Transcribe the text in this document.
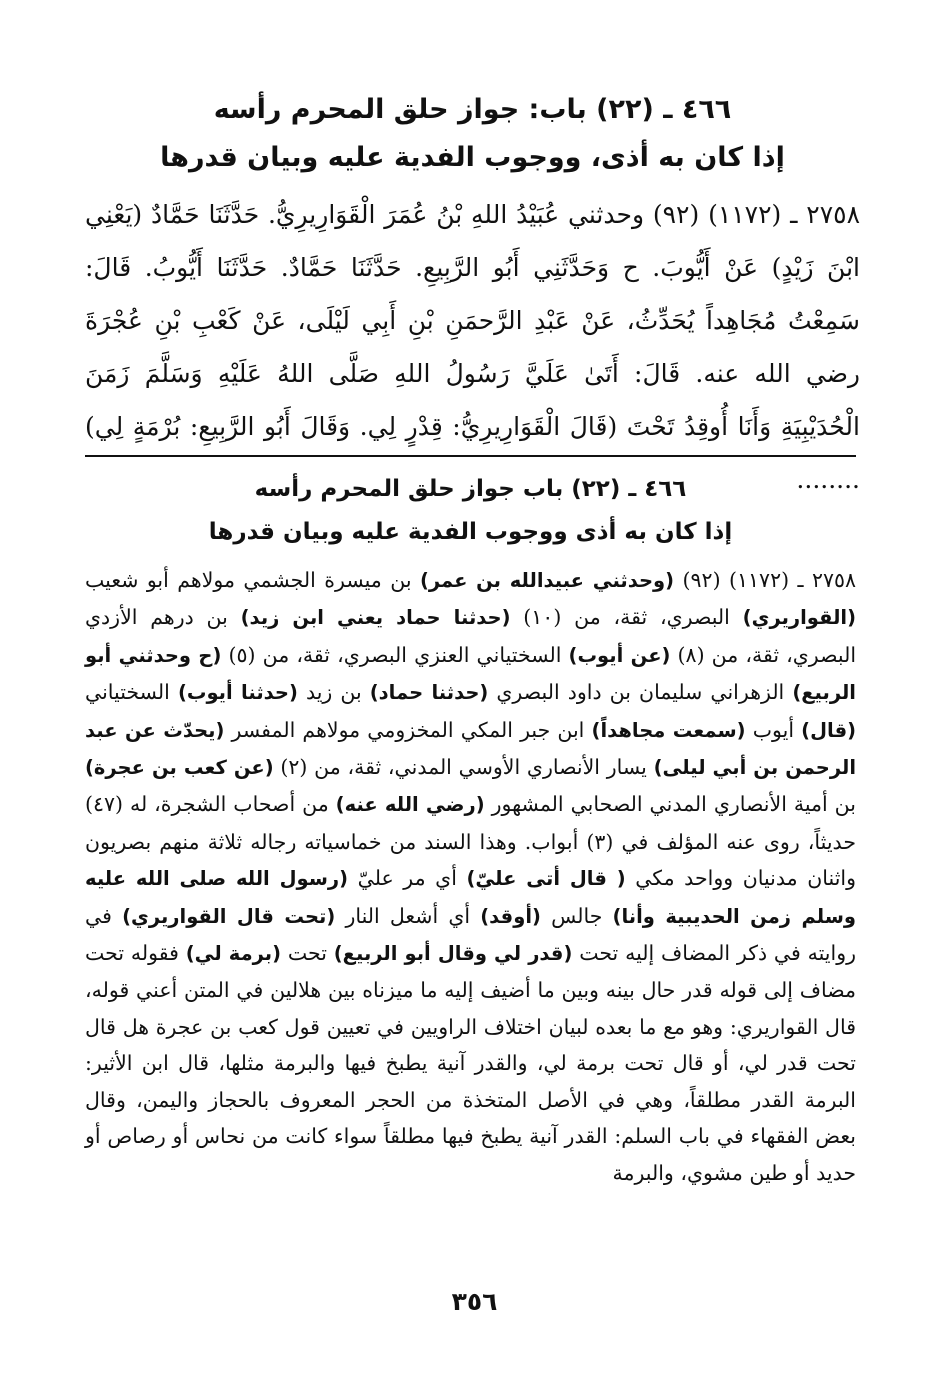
٤٦٦ ـ (٢٢) باب: جواز حلق المحرم رأسه

إذا كان به أذى، ووجوب الفدية عليه وبيان قدرها

٢٧٥٨ ـ (١١٧٢) (٩٢) وحدثني عُبَيْدُ اللهِ بْنُ عُمَرَ الْقَوَارِيرِيُّ. حَدَّثَنَا حَمَّادٌ (يَعْنِي ابْنَ زَيْدٍ) عَنْ أَيُّوبَ. ح وَحَدَّثَنِي أَبُو الرَّبِيعِ. حَدَّثَنَا حَمَّادٌ. حَدَّثَنَا أَيُّوبُ. قَالَ: سَمِعْتُ مُجَاهِداً يُحَدِّثُ، عَنْ عَبْدِ الرَّحمَنِ بْنِ أَبِي لَيْلَى، عَنْ كَعْبِ بْنِ عُجْرَةَ رضي الله عنه. قَالَ: أَتَىٰ عَلَيَّ رَسُولُ اللهِ صَلَّى اللهُ عَلَيْهِ وَسَلَّمَ زَمَنَ الْحُدَيْبِيَةِ وَأَنَا أُوقِدُ تَحْتَ (قَالَ الْقَوَارِيرِيُّ: قِدْرٍ لِي. وَقَالَ أَبُو الرَّبِيعِ: بُرْمَةٍ لِي) ........

٤٦٦ ـ (٢٢) باب جواز حلق المحرم رأسه

إذا كان به أذى ووجوب الفدية عليه وبيان قدرها

٢٧٥٨ ـ (١١٧٢) (٩٢) (وحدثني عبيدالله بن عمر) بن ميسرة الجشمي مولاهم أبو شعيب (القواريري) البصري، ثقة، من (١٠) (حدثنا حماد يعني ابن زيد) بن درهم الأزدي البصري، ثقة، من (٨) (عن أيوب) السختياني العنزي البصري، ثقة، من (٥) (ح وحدثني أبو الربيع) الزهراني سليمان بن داود البصري (حدثنا حماد) بن زيد (حدثنا أيوب) السختياني (قال) أيوب (سمعت مجاهداً) ابن جبر المكي المخزومي مولاهم المفسر (يحدّث عن عبد الرحمن بن أبي ليلى) يسار الأنصاري الأوسي المدني، ثقة، من (٢) (عن كعب بن عجرة) بن أمية الأنصاري المدني الصحابي المشهور (رضي الله عنه) من أصحاب الشجرة، له (٤٧) حديثاً، روى عنه المؤلف في (٣) أبواب. وهذا السند من خماسياته رجاله ثلاثة منهم بصريون واثنان مدنيان وواحد مكي ( قال أتى عليّ) أي مر عليّ (رسول الله صلى الله عليه وسلم زمن الحديبية وأنا) جالس (أوقد) أي أشعل النار (تحت قال القواريري) في روايته في ذكر المضاف إليه تحت (قدر لي وقال أبو الربيع) تحت (برمة لي) فقوله تحت مضاف إلى قوله قدر حال بينه وبين ما أضيف إليه ما ميزناه بين هلالين في المتن أعني قوله، قال القواريري: وهو مع ما بعده لبيان اختلاف الراويين في تعيين قول كعب بن عجرة هل قال تحت قدر لي، أو قال تحت برمة لي، والقدر آنية يطبخ فيها والبرمة مثلها، قال ابن الأثير: البرمة القدر مطلقاً، وهي في الأصل المتخذة من الحجر المعروف بالحجاز واليمن، وقال بعض الفقهاء في باب السلم: القدر آنية يطبخ فيها مطلقاً سواء كانت من نحاس أو رصاص أو حديد أو طين مشوي، والبرمة

٣٥٦
